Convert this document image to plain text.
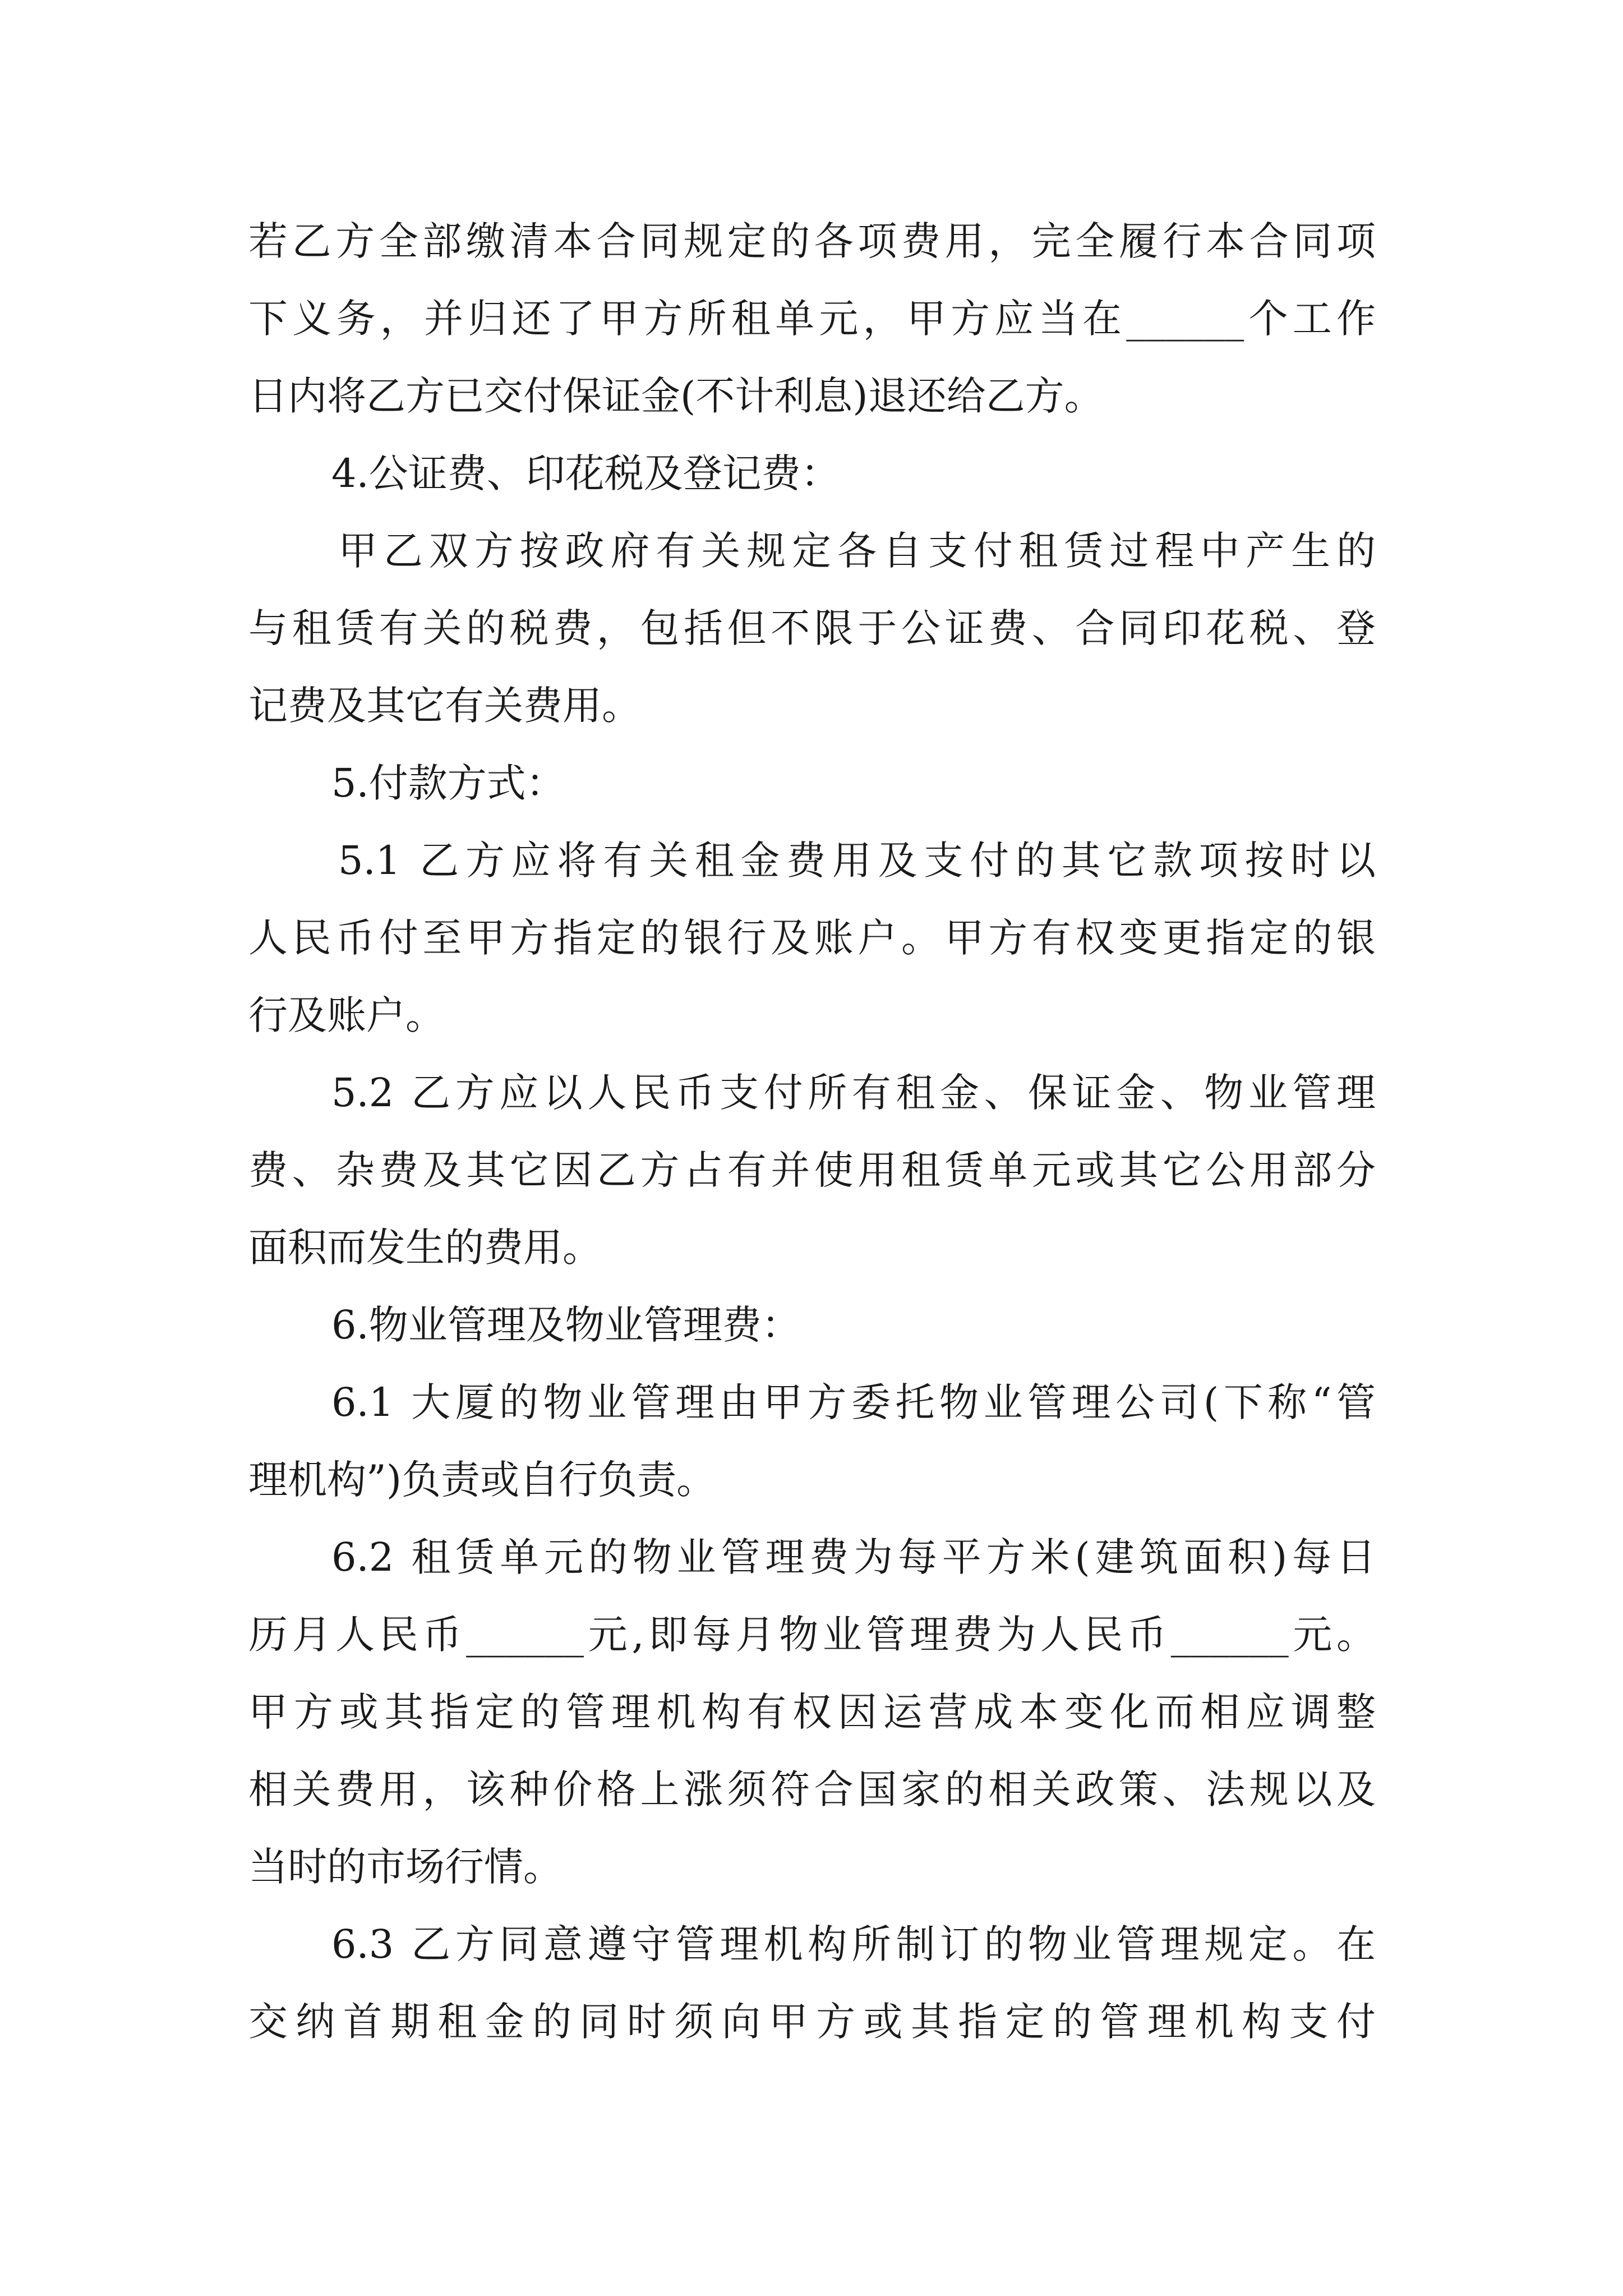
若乙方全部缴清本合同规定的各项费用，完全履行本合同项
下义务，并归还了甲方所租单元，甲方应当在______个工作
日内将乙方已交付保证金(不计利息)退还给乙方。
4.公证费、印花税及登记费：
甲乙双方按政府有关规定各自支付租赁过程中产生的
与租赁有关的税费，包括但不限于公证费、合同印花税、登
记费及其它有关费用。
5.付款方式：
5.1 乙方应将有关租金费用及支付的其它款项按时以
人民币付至甲方指定的银行及账户。甲方有权变更指定的银
行及账户。
5.2 乙方应以人民币支付所有租金、保证金、物业管理
费、杂费及其它因乙方占有并使用租赁单元或其它公用部分
面积而发生的费用。
6.物业管理及物业管理费：
6.1 大厦的物业管理由甲方委托物业管理公司(下称“管
理机构”)负责或自行负责。
6.2 租赁单元的物业管理费为每平方米(建筑面积)每日
历月人民币______元,即每月物业管理费为人民币______元。
甲方或其指定的管理机构有权因运营成本变化而相应调整
相关费用，该种价格上涨须符合国家的相关政策、法规以及
当时的市场行情。
6.3 乙方同意遵守管理机构所制订的物业管理规定。在
交纳首期租金的同时须向甲方或其指定的管理机构支付
